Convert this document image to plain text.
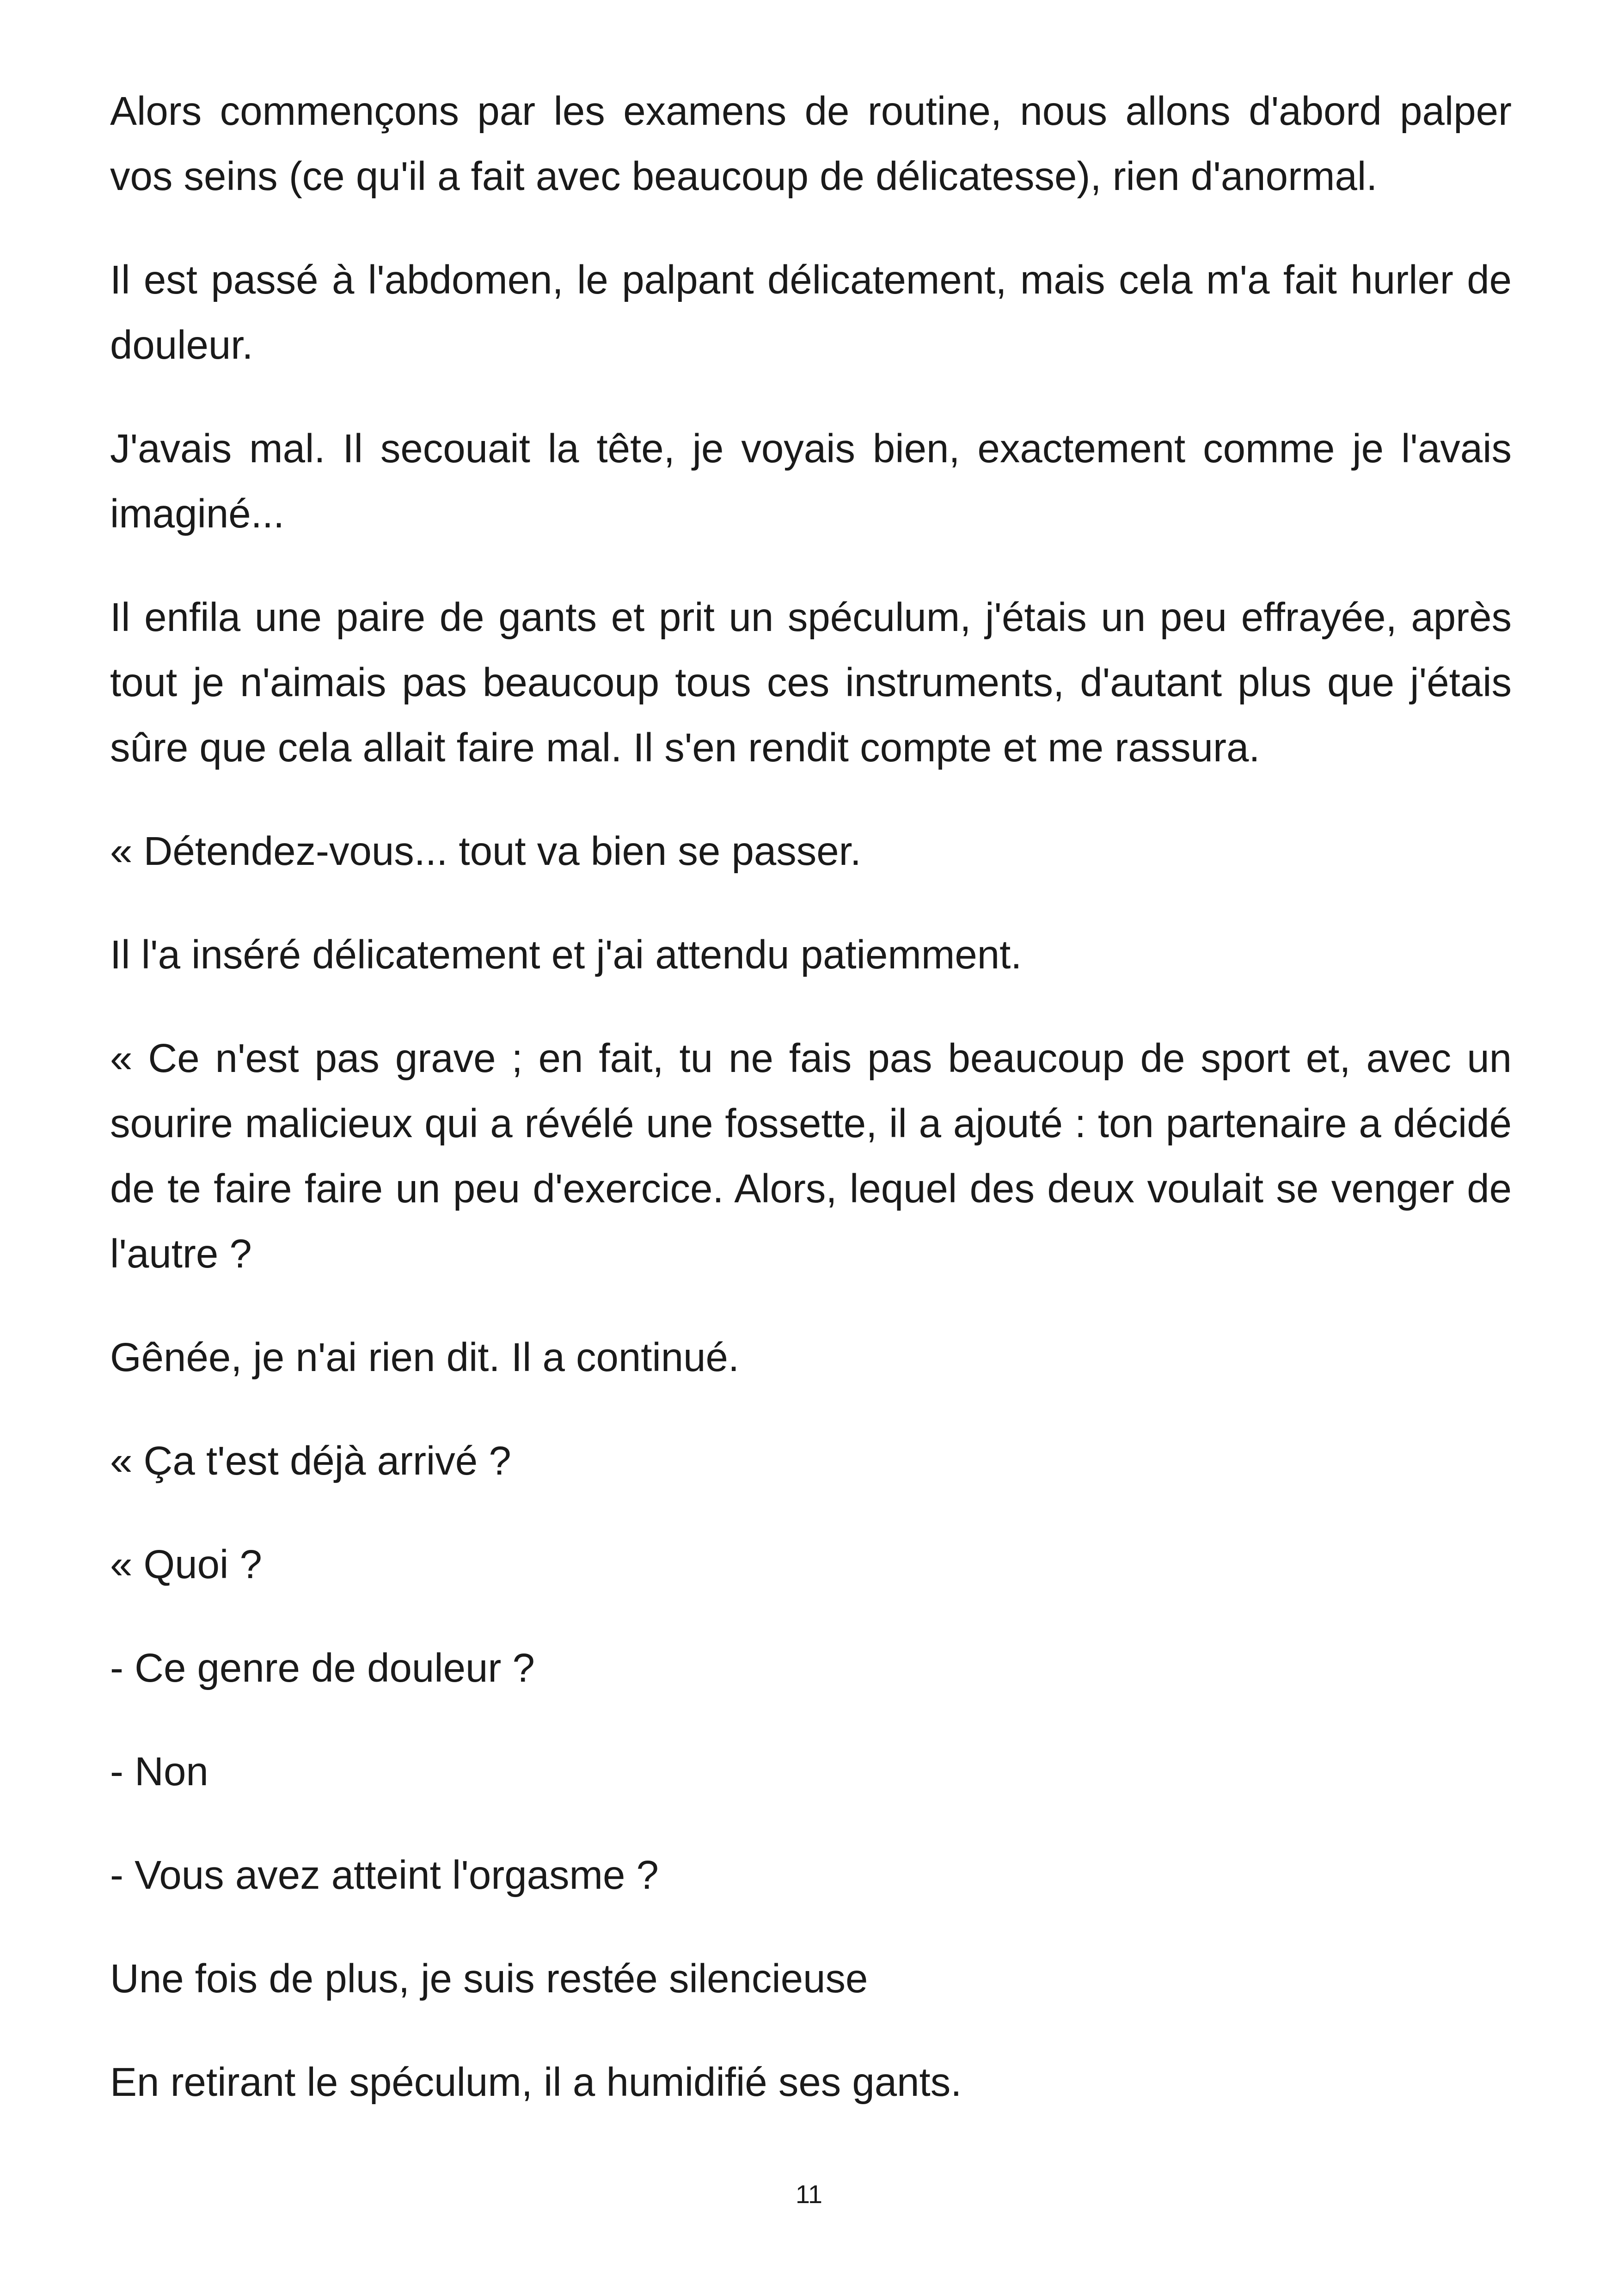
Alors commençons par les examens de routine, nous allons d'abord palper vos seins (ce qu'il a fait avec beaucoup de délicatesse), rien d'anormal.

Il est passé à l'abdomen, le palpant délicatement, mais cela m'a fait hurler de douleur.

J'avais mal. Il secouait la tête, je voyais bien, exactement comme je l'avais imaginé...

Il enfila une paire de gants et prit un spéculum, j'étais un peu effrayée, après tout je n'aimais pas beaucoup tous ces instruments, d'autant plus que j'étais sûre que cela allait faire mal. Il s'en rendit compte et me rassura.

« Détendez-vous... tout va bien se passer.

Il l'a inséré délicatement et j'ai attendu patiemment.

« Ce n'est pas grave ; en fait, tu ne fais pas beaucoup de sport et, avec un sourire malicieux qui a révélé une fossette, il a ajouté : ton partenaire a décidé de te faire faire un peu d'exercice. Alors, lequel des deux voulait se venger de l'autre ?

Gênée, je n'ai rien dit. Il a continué.

« Ça t'est déjà arrivé ?

« Quoi ?

- Ce genre de douleur ?

- Non

- Vous avez atteint l'orgasme ?

Une fois de plus, je suis restée silencieuse

En retirant le spéculum, il a humidifié ses gants.

11
